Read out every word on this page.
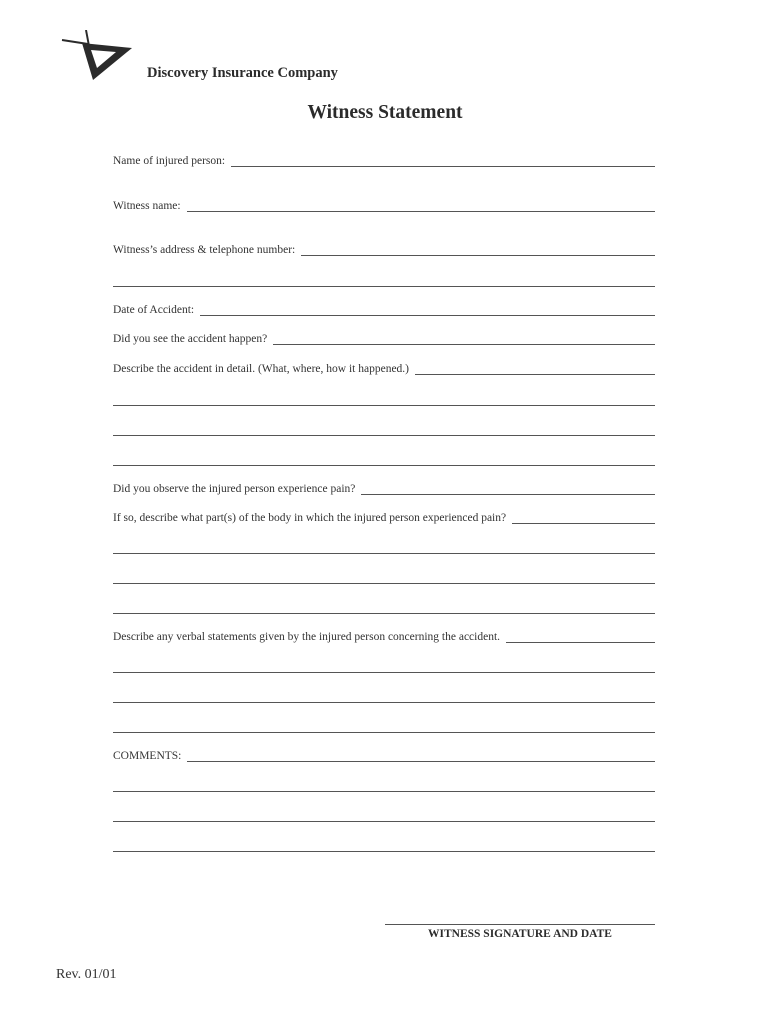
Discovery Insurance Company
Witness Statement
Name of injured person:
Witness name:
Witness’s address & telephone number:
Date of Accident:
Did you see the accident happen?
Describe the accident in detail. (What, where, how it happened.)
Did you observe the injured person experience pain?
If so, describe what part(s) of the body in which the injured person experienced pain?
Describe any verbal statements given by the injured person concerning the accident.
COMMENTS:
WITNESS SIGNATURE AND DATE
Rev. 01/01
